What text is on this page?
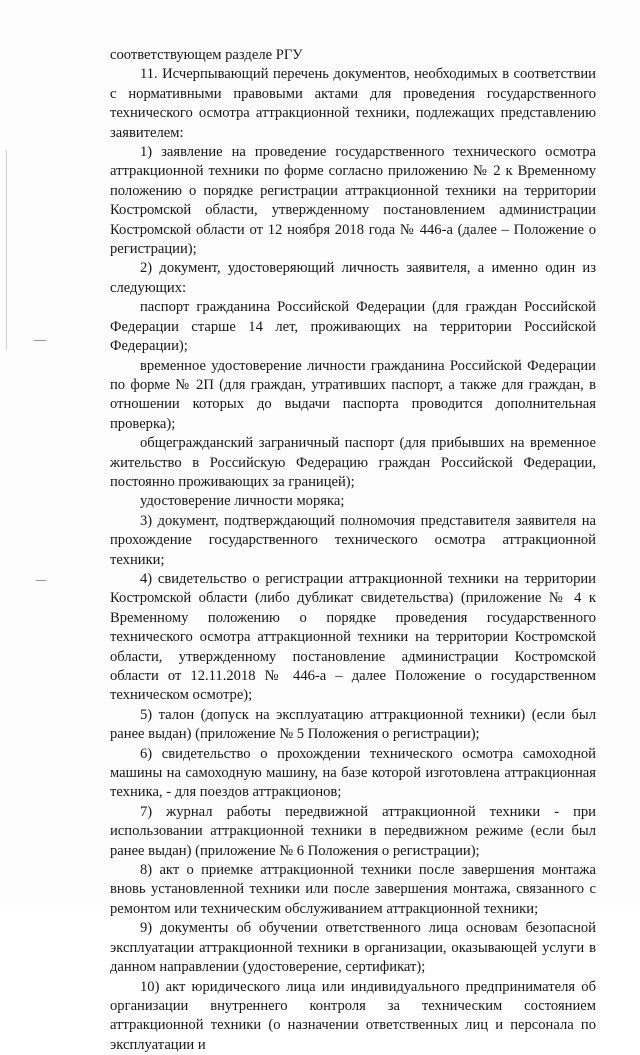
соответствующем разделе РГУ

11. Исчерпывающий перечень документов, необходимых в соответствии с нормативными правовыми актами для проведения государственного технического осмотра аттракционной техники, подлежащих представлению заявителем:

1) заявление на проведение государственного технического осмотра аттракционной техники по форме согласно приложению № 2 к Временному положению о порядке регистрации аттракционной техники на территории Костромской области, утвержденному постановлением администрации Костромской области от 12 ноября 2018 года № 446-а (далее – Положение о регистрации);

2) документ, удостоверяющий личность заявителя, а именно один из следующих:

паспорт гражданина Российской Федерации (для граждан Российской Федерации старше 14 лет, проживающих на территории Российской Федерации);

временное удостоверение личности гражданина Российской Федерации по форме № 2П (для граждан, утративших паспорт, а также для граждан, в отношении которых до выдачи паспорта проводится дополнительная проверка);

общегражданский заграничный паспорт (для прибывших на временное жительство в Российскую Федерацию граждан Российской Федерации, постоянно проживающих за границей);

удостоверение личности моряка;

3) документ, подтверждающий полномочия представителя заявителя на прохождение государственного технического осмотра аттракционной техники;

4) свидетельство о регистрации аттракционной техники на территории Костромской области (либо дубликат свидетельства) (приложение № 4 к Временному положению о порядке проведения государственного технического осмотра аттракционной техники на территории Костромской области, утвержденному постановление администрации Костромской области от 12.11.2018 № 446-а – далее Положение о государственном техническом осмотре);

5) талон (допуск на эксплуатацию аттракционной техники) (если был ранее выдан) (приложение № 5 Положения о регистрации);

6) свидетельство о прохождении технического осмотра самоходной машины на самоходную машину, на базе которой изготовлена аттракционная техника, - для поездов аттракционов;

7) журнал работы передвижной аттракционной техники - при использовании аттракционной техники в передвижном режиме (если был ранее выдан) (приложение № 6 Положения о регистрации);

8) акт о приемке аттракционной техники после завершения монтажа вновь установленной техники или после завершения монтажа, связанного с ремонтом или техническим обслуживанием аттракционной техники;

9) документы об обучении ответственного лица основам безопасной эксплуатации аттракционной техники в организации, оказывающей услуги в данном направлении (удостоверение, сертификат);

10) акт юридического лица или индивидуального предпринимателя об организации внутреннего контроля за техническим состоянием аттракционной техники (о назначении ответственных лиц и персонала по эксплуатации и
